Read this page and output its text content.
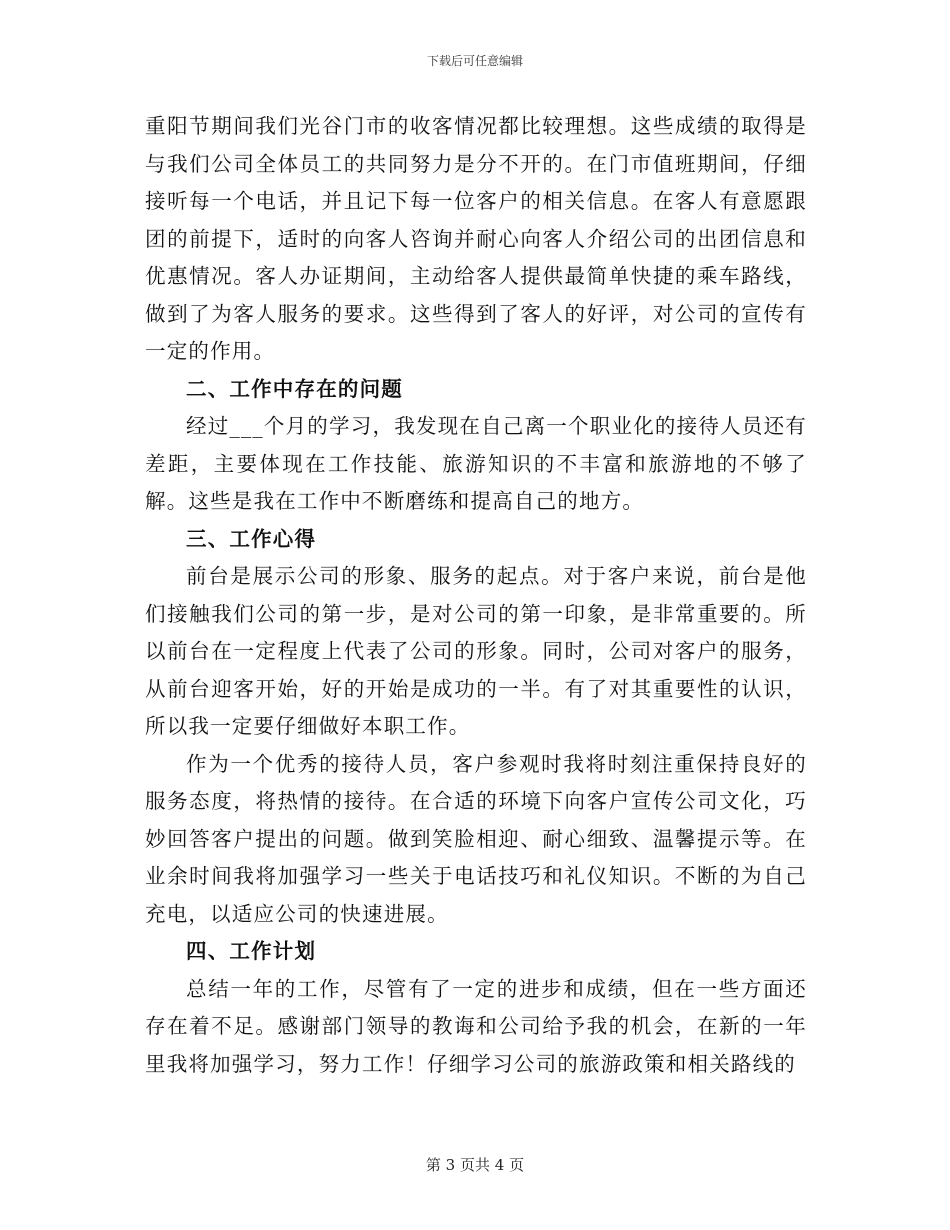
下载后可任意编辑

重阳节期间我们光谷门市的收客情况都比较理想。这些成绩的取得是与我们公司全体员工的共同努力是分不开的。在门市值班期间，仔细接听每一个电话，并且记下每一位客户的相关信息。在客人有意愿跟团的前提下，适时的向客人咨询并耐心向客人介绍公司的出团信息和优惠情况。客人办证期间，主动给客人提供最简单快捷的乘车路线，做到了为客人服务的要求。这些得到了客人的好评，对公司的宣传有一定的作用。

二、工作中存在的问题

经过___个月的学习，我发现在自己离一个职业化的接待人员还有差距，主要体现在工作技能、旅游知识的不丰富和旅游地的不够了解。这些是我在工作中不断磨练和提高自己的地方。

三、工作心得

前台是展示公司的形象、服务的起点。对于客户来说，前台是他们接触我们公司的第一步，是对公司的第一印象，是非常重要的。所以前台在一定程度上代表了公司的形象。同时，公司对客户的服务，从前台迎客开始，好的开始是成功的一半。有了对其重要性的认识，所以我一定要仔细做好本职工作。

作为一个优秀的接待人员，客户参观时我将时刻注重保持良好的服务态度，将热情的接待。在合适的环境下向客户宣传公司文化，巧妙回答客户提出的问题。做到笑脸相迎、耐心细致、温馨提示等。在业余时间我将加强学习一些关于电话技巧和礼仪知识。不断的为自己充电，以适应公司的快速进展。

四、工作计划

总结一年的工作，尽管有了一定的进步和成绩，但在一些方面还存在着不足。感谢部门领导的教诲和公司给予我的机会，在新的一年里我将加强学习，努力工作！仔细学习公司的旅游政策和相关路线的

第 3 页共 4 页
